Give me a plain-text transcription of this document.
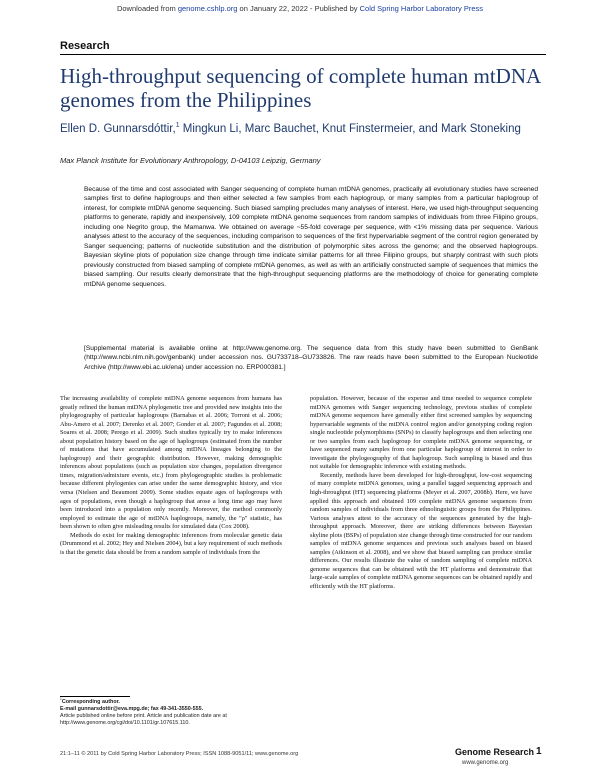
Downloaded from genome.cshlp.org on January 22, 2022 - Published by Cold Spring Harbor Laboratory Press
Research
High-throughput sequencing of complete human mtDNA genomes from the Philippines
Ellen D. Gunnarsdóttir,$^1$ Mingkun Li, Marc Bauchet, Knut Finstermeier, and Mark Stoneking
Max Planck Institute for Evolutionary Anthropology, D-04103 Leipzig, Germany

Because of the time and cost associated with Sanger sequencing of complete human mtDNA genomes, practically all evolutionary studies have screened samples first to define haplogroups and then either selected a few samples from each haplogroup, or many samples from a particular haplogroup of interest, for complete mtDNA genome sequencing. Such biased sampling precludes many analyses of interest. Here, we used high-throughput sequencing platforms to generate, rapidly and inexpensively, 109 complete mtDNA genome sequences from random samples of individuals from three Filipino groups, including one Negrito group, the Mamanwa. We obtained on average ~55-fold coverage per sequence, with <1% missing data per sequence. Various analyses attest to the accuracy of the sequences, including comparison to sequences of the first hypervariable segment of the control region generated by Sanger sequencing; patterns of nucleotide substitution and the distribution of polymorphic sites across the genome; and the observed haplogroups. Bayesian skyline plots of population size change through time indicate similar patterns for all three Filipino groups, but sharply contrast with such plots previously constructed from biased sampling of complete mtDNA genomes, as well as with an artificially constructed sample of sequences that mimics the biased sampling. Our results clearly demonstrate that the high-throughput sequencing platforms are the methodology of choice for generating complete mtDNA genome sequences.

[Supplemental material is available online at http://www.genome.org. The sequence data from this study have been submitted to GenBank (http://www.ncbi.nlm.nih.gov/genbank) under accession nos. GU733718–GU733826. The raw reads have been submitted to the European Nucleotide Archive (http://www.ebi.ac.uk/ena) under accession no. ERP000381.]

The increasing availability of complete mtDNA genome sequences from humans has greatly refined the human mtDNA phylogenetic tree and provided new insights into the phylogeography of particular haplogroups (Barnabas et al. 2006; Torroni et al. 2006; Abu-Amero et al. 2007; Derenko et al. 2007; Gonder et al. 2007; Fagundes et al. 2008; Soares et al. 2008; Perego et al. 2009). Such studies typically try to make inferences about population history based on the age of haplogroups (estimated from the number of mutations that have accumulated among mtDNA lineages belonging to the haplogroup) and their geographic distribution. However, making demographic inferences about populations (such as population size changes, population divergence times, migration/admixture events, etc.) from phylogeographic studies is problematic because different phylogenies can arise under the same demographic history, and vice versa (Nielsen and Beaumont 2009). Some studies equate ages of haplogroups with ages of populations, even though a haplogroup that arose a long time ago may have been introduced into a population only recently. Moreover, the method commonly employed to estimate the age of mtDNA haplogroups, namely, the "ρ" statistic, has been shown to often give misleading results for simulated data (Cox 2008).

Methods do exist for making demographic inferences from molecular genetic data (Drummond et al. 2002; Hey and Nielsen 2004), but a key requirement of such methods is that the genetic data should be from a random sample of individuals from the

population. However, because of the expense and time needed to sequence complete mtDNA genomes with Sanger sequencing technology, previous studies of complete mtDNA genome sequences have generally either first screened samples by sequencing hypervariable segments of the mtDNA control region and/or genotyping coding region single nucleotide polymorphisms (SNPs) to classify haplogroups and then selecting one or two samples from each haplogroup for complete mtDNA genome sequencing, or have sequenced many samples from one particular haplogroup of interest in order to investigate the phylogeography of that haplogroup. Such sampling is biased and thus not suitable for demographic inference with existing methods.

Recently, methods have been developed for high-throughput, low-cost sequencing of many complete mtDNA genomes, using a parallel tagged sequencing approach and high-throughput (HT) sequencing platforms (Meyer et al. 2007, 2008b). Here, we have applied this approach and obtained 109 complete mtDNA genome sequences from random samples of individuals from three ethnolinguistic groups from the Philippines. Various analyses attest to the accuracy of the sequences generated by the high-throughput approach. Moreover, there are striking differences between Bayesian skyline plots (BSPs) of population size change through time constructed for our random samples of mtDNA genome sequences and previous such analyses based on biased samples (Atkinson et al. 2008), and we show that biased sampling can produce similar differences. Our results illustrate the value of random sampling of complete mtDNA genome sequences that can be obtained with the HT platforms and demonstrate that large-scale samples of complete mtDNA genome sequences can be obtained rapidly and efficiently with the HT platforms.

$^1$Corresponding author.
E-mail gunnarsdottir@eva.mpg.de; fax 49-341-3550-555.
Article published online before print. Article and publication date are at http://www.genome.org/cgi/doi/10.1101/gr.107615.110.
21:1–11 © 2011 by Cold Spring Harbor Laboratory Press; ISSN 1088-9051/11; www.genome.org	Genome Research 1
www.genome.org
